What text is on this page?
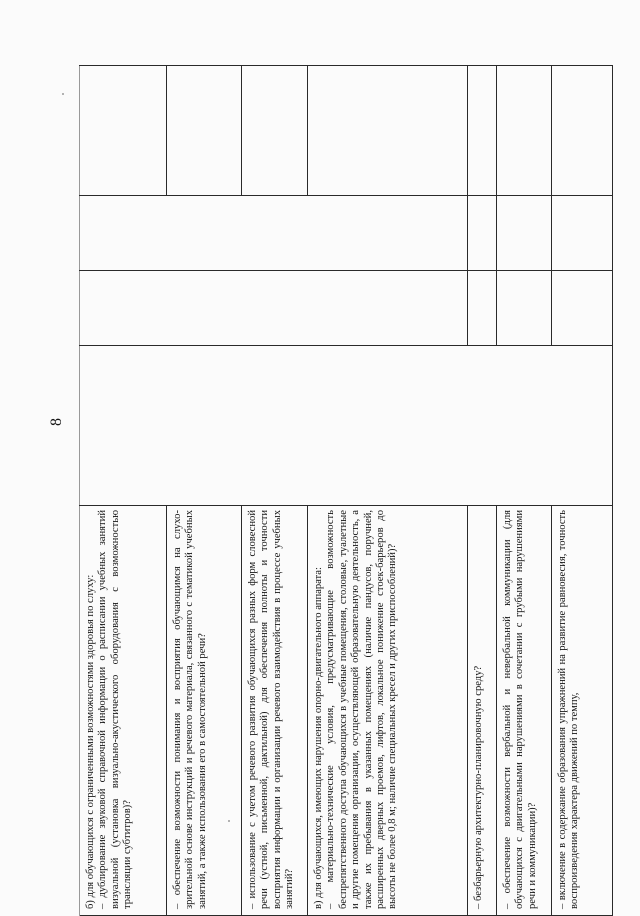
8

б) для обучающихся с ограниченными возможностями здоровья по слуху: – дублирование звуковой справочной информации о расписании учебных занятий визуальной (установка визуально-акустического оборудования с возможностью трансляции субтитров)?				

– обеспечение возможности понимания и восприятия обучающимся на слухо-зрительной основе инструкций и речевого материала, связанного с тематикой учебных занятий, а также использования его в самостоятельной речи?				

– использование с учетом речевого развития обучающихся разных форм словесной речи (устной, письменной, дактильной) для обеспечения полноты и точности восприятия информации и организации речевого взаимодействия в процессе учебных занятий?				

в) для обучающихся, имеющих нарушения опорно-двигательного аппарата: – материально-технические условия, предусматривающие возможность беспрепятственного доступа обучающихся в учебные помещения, столовые, туалетные и другие помещения организации, осуществляющей образовательную деятельность, а также их пребывания в указанных помещениях (наличие пандусов, поручней, расширенных дверных проемов, лифтов, локальное понижение стоек-барьеров до высоты не более 0,8 м; наличие специальных кресел и других приспособлений)?				

– безбарьерную архитектурно-планировочную среду?				

– обеспечение возможности вербальной и невербальной коммуникации (для обучающихся с двигательными нарушениями в сочетании с грубыми нарушениями речи и коммуникации)?				

– включение в содержание образования упражнений на развитие равновесия, точность воспроизведения характера движений по темпу,				
